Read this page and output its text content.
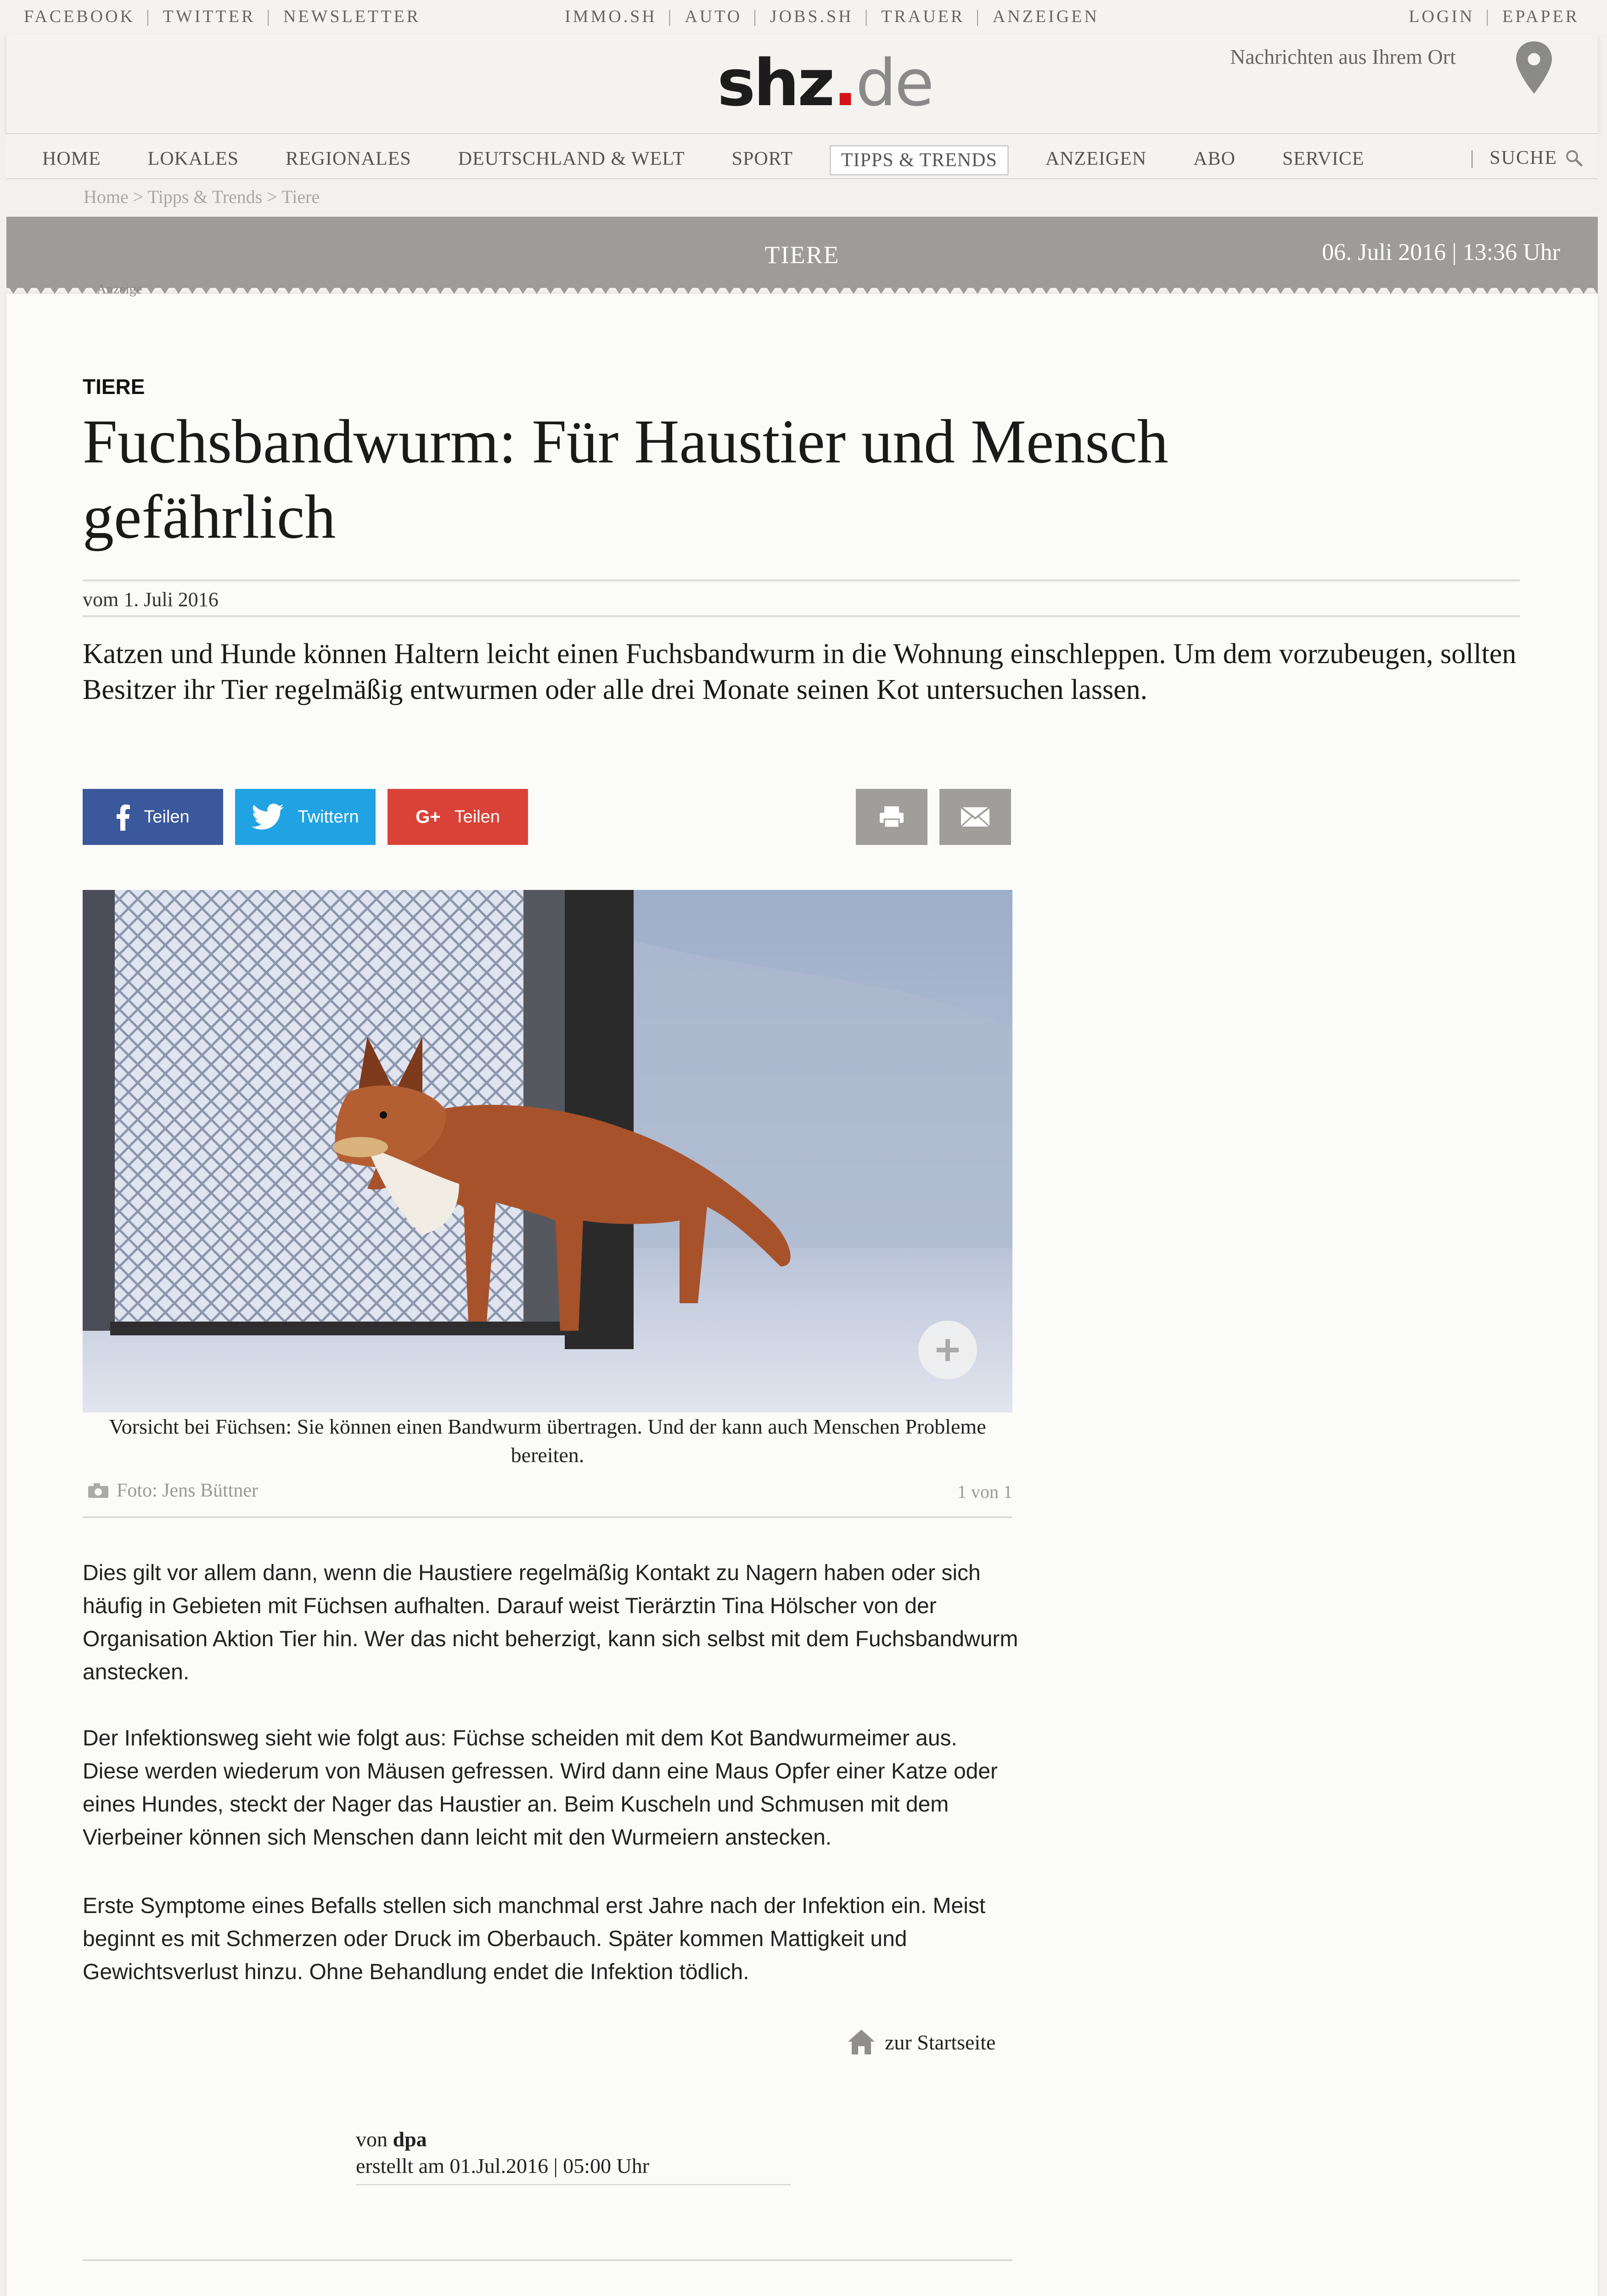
FACEBOOK | TWITTER | NEWSLETTER	IMMO.SH | AUTO | JOBS.SH | TRAUER | ANZEIGEN	LOGIN | EPAPER
shz.de	Nachrichten aus Ihrem Ort
HOME	LOKALES	REGIONALES	DEUTSCHLAND & WELT	SPORT	TIPPS & TRENDS	ANZEIGEN	ABO	SERVICE	| SUCHE
Home > Tipps & Trends > Tiere
TIERE	06. Juli 2016 | 13:36 Uhr
Anzeige
TIERE
Fuchsbandwurm: Für Haustier und Mensch gefährlich
vom 1. Juli 2016

Katzen und Hunde können Haltern leicht einen Fuchsbandwurm in die Wohnung einschleppen. Um dem vorzubeugen, sollten Besitzer ihr Tier regelmäßig entwurmen oder alle drei Monate seinen Kot untersuchen lassen.

Teilen	Twittern	G+ Teilen

Vorsicht bei Füchsen: Sie können einen Bandwurm übertragen. Und der kann auch Menschen Probleme bereiten.

Foto: Jens Büttner	1 von 1

Dies gilt vor allem dann, wenn die Haustiere regelmäßig Kontakt zu Nagern haben oder sich häufig in Gebieten mit Füchsen aufhalten. Darauf weist Tierärztin Tina Hölscher von der Organisation Aktion Tier hin. Wer das nicht beherzigt, kann sich selbst mit dem Fuchsbandwurm anstecken.

Der Infektionsweg sieht wie folgt aus: Füchse scheiden mit dem Kot Bandwurmeimer aus. Diese werden wiederum von Mäusen gefressen. Wird dann eine Maus Opfer einer Katze oder eines Hundes, steckt der Nager das Haustier an. Beim Kuscheln und Schmusen mit dem Vierbeiner können sich Menschen dann leicht mit den Wurmeiern anstecken.

Erste Symptome eines Befalls stellen sich manchmal erst Jahre nach der Infektion ein. Meist beginnt es mit Schmerzen oder Druck im Oberbauch. Später kommen Mattigkeit und Gewichtsverlust hinzu. Ohne Behandlung endet die Infektion tödlich.

zur Startseite
von dpa
erstellt am 01.Jul.2016 | 05:00 Uhr
